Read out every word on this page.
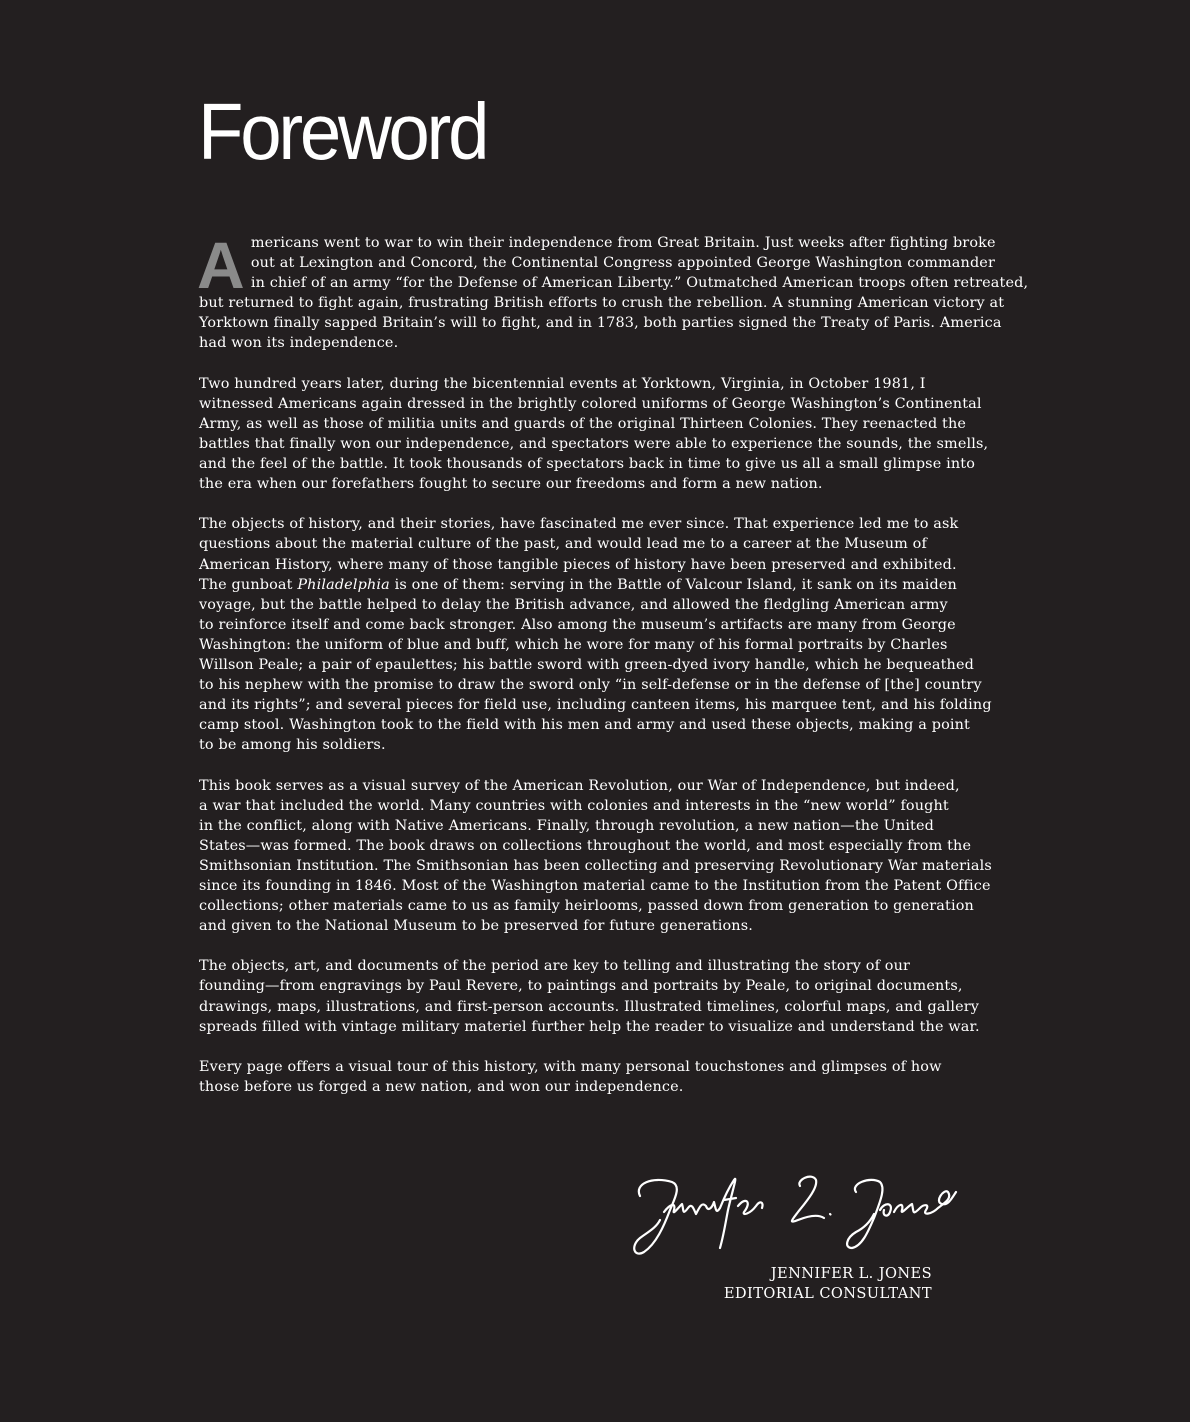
Foreword

A mericans went to war to win their independence from Great Britain. Just weeks after fighting broke
out at Lexington and Concord, the Continental Congress appointed George Washington commander
in chief of an army “for the Defense of American Liberty.” Outmatched American troops often retreated,
but returned to fight again, frustrating British efforts to crush the rebellion. A stunning American victory at
Yorktown finally sapped Britain’s will to fight, and in 1783, both parties signed the Treaty of Paris. America
had won its independence.

Two hundred years later, during the bicentennial events at Yorktown, Virginia, in October 1981, I
witnessed Americans again dressed in the brightly colored uniforms of George Washington’s Continental
Army, as well as those of militia units and guards of the original Thirteen Colonies. They reenacted the
battles that finally won our independence, and spectators were able to experience the sounds, the smells,
and the feel of the battle. It took thousands of spectators back in time to give us all a small glimpse into
the era when our forefathers fought to secure our freedoms and form a new nation.

The objects of history, and their stories, have fascinated me ever since. That experience led me to ask
questions about the material culture of the past, and would lead me to a career at the Museum of
American History, where many of those tangible pieces of history have been preserved and exhibited.
The gunboat Philadelphia is one of them: serving in the Battle of Valcour Island, it sank on its maiden
voyage, but the battle helped to delay the British advance, and allowed the fledgling American army
to reinforce itself and come back stronger. Also among the museum’s artifacts are many from George
Washington: the uniform of blue and buff, which he wore for many of his formal portraits by Charles
Willson Peale; a pair of epaulettes; his battle sword with green-dyed ivory handle, which he bequeathed
to his nephew with the promise to draw the sword only “in self-defense or in the defense of [the] country
and its rights”; and several pieces for field use, including canteen items, his marquee tent, and his folding
camp stool. Washington took to the field with his men and army and used these objects, making a point
to be among his soldiers.

This book serves as a visual survey of the American Revolution, our War of Independence, but indeed,
a war that included the world. Many countries with colonies and interests in the “new world” fought
in the conflict, along with Native Americans. Finally, through revolution, a new nation—the United
States—was formed. The book draws on collections throughout the world, and most especially from the
Smithsonian Institution. The Smithsonian has been collecting and preserving Revolutionary War materials
since its founding in 1846. Most of the Washington material came to the Institution from the Patent Office
collections; other materials came to us as family heirlooms, passed down from generation to generation
and given to the National Museum to be preserved for future generations.

The objects, art, and documents of the period are key to telling and illustrating the story of our
founding—from engravings by Paul Revere, to paintings and portraits by Peale, to original documents,
drawings, maps, illustrations, and first-person accounts. Illustrated timelines, colorful maps, and gallery
spreads filled with vintage military materiel further help the reader to visualize and understand the war.

Every page offers a visual tour of this history, with many personal touchstones and glimpses of how
those before us forged a new nation, and won our independence.

JENNIFER L. JONES
EDITORIAL CONSULTANT
